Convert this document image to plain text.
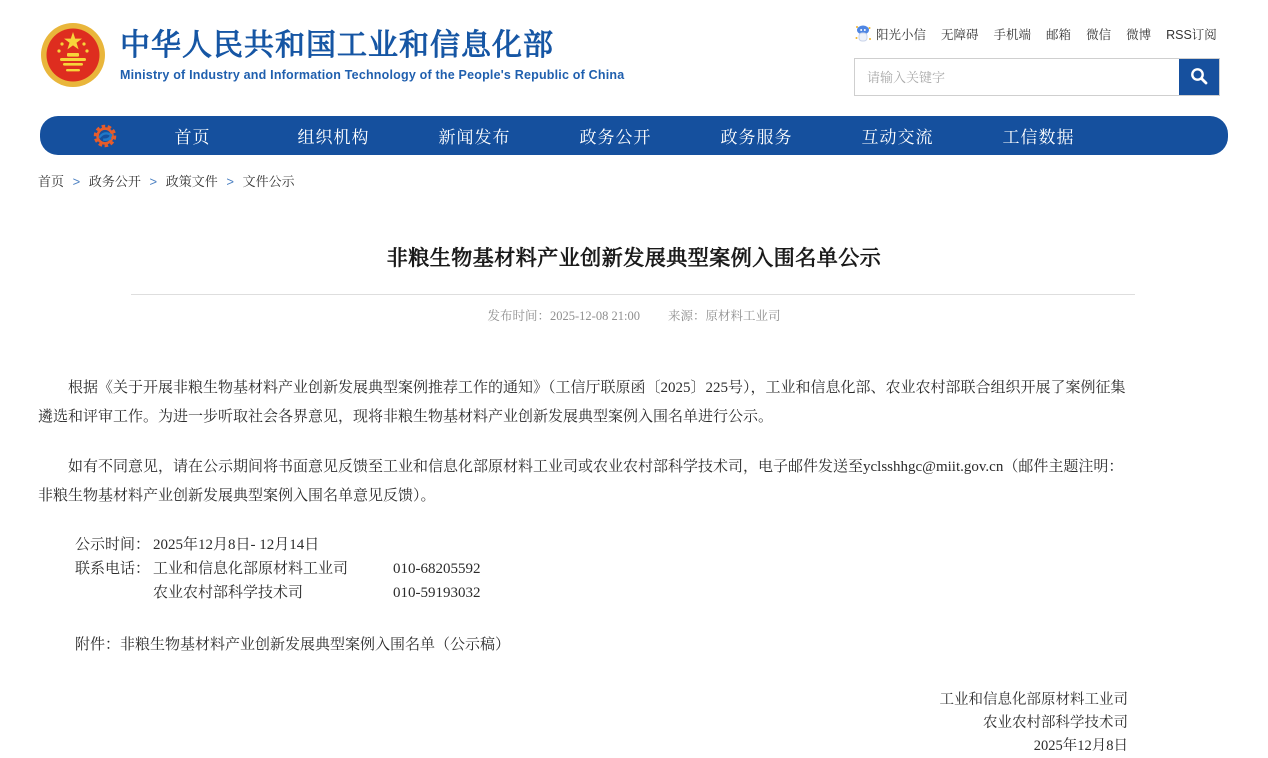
中华人民共和国工业和信息化部
Ministry of Industry and Information Technology of the People's Republic of China
阳光小信 无障碍 手机端 邮箱 微信 微博 RSS订阅
请输入关键字
首页	组织机构	新闻发布	政务公开	政务服务	互动交流	工信数据
首页 > 政务公开 > 政策文件 > 文件公示
非粮生物基材料产业创新发展典型案例入围名单公示
发布时间：2025-12-08 21:00 来源：原材料工业司

根据《关于开展非粮生物基材料产业创新发展典型案例推荐工作的通知》（工信厅联原函〔2025〕225号），工业和信息化部、农业农村部联合组织开展了案例征集遴选和评审工作。为进一步听取社会各界意见，现将非粮生物基材料产业创新发展典型案例入围名单进行公示。

如有不同意见，请在公示期间将书面意见反馈至工业和信息化部原材料工业司或农业农村部科学技术司，电子邮件发送至yclsshhgc@miit.gov.cn（邮件主题注明：非粮生物基材料产业创新发展典型案例入围名单意见反馈）。

公示时间： 2025年12月8日- 12月14日
联系电话： 工业和信息化部原材料工业司	010-68205592
农业农村部科学技术司	010-59193032
附件：非粮生物基材料产业创新发展典型案例入围名单（公示稿）
工业和信息化部原材料工业司
农业农村部科学技术司
2025年12月8日
